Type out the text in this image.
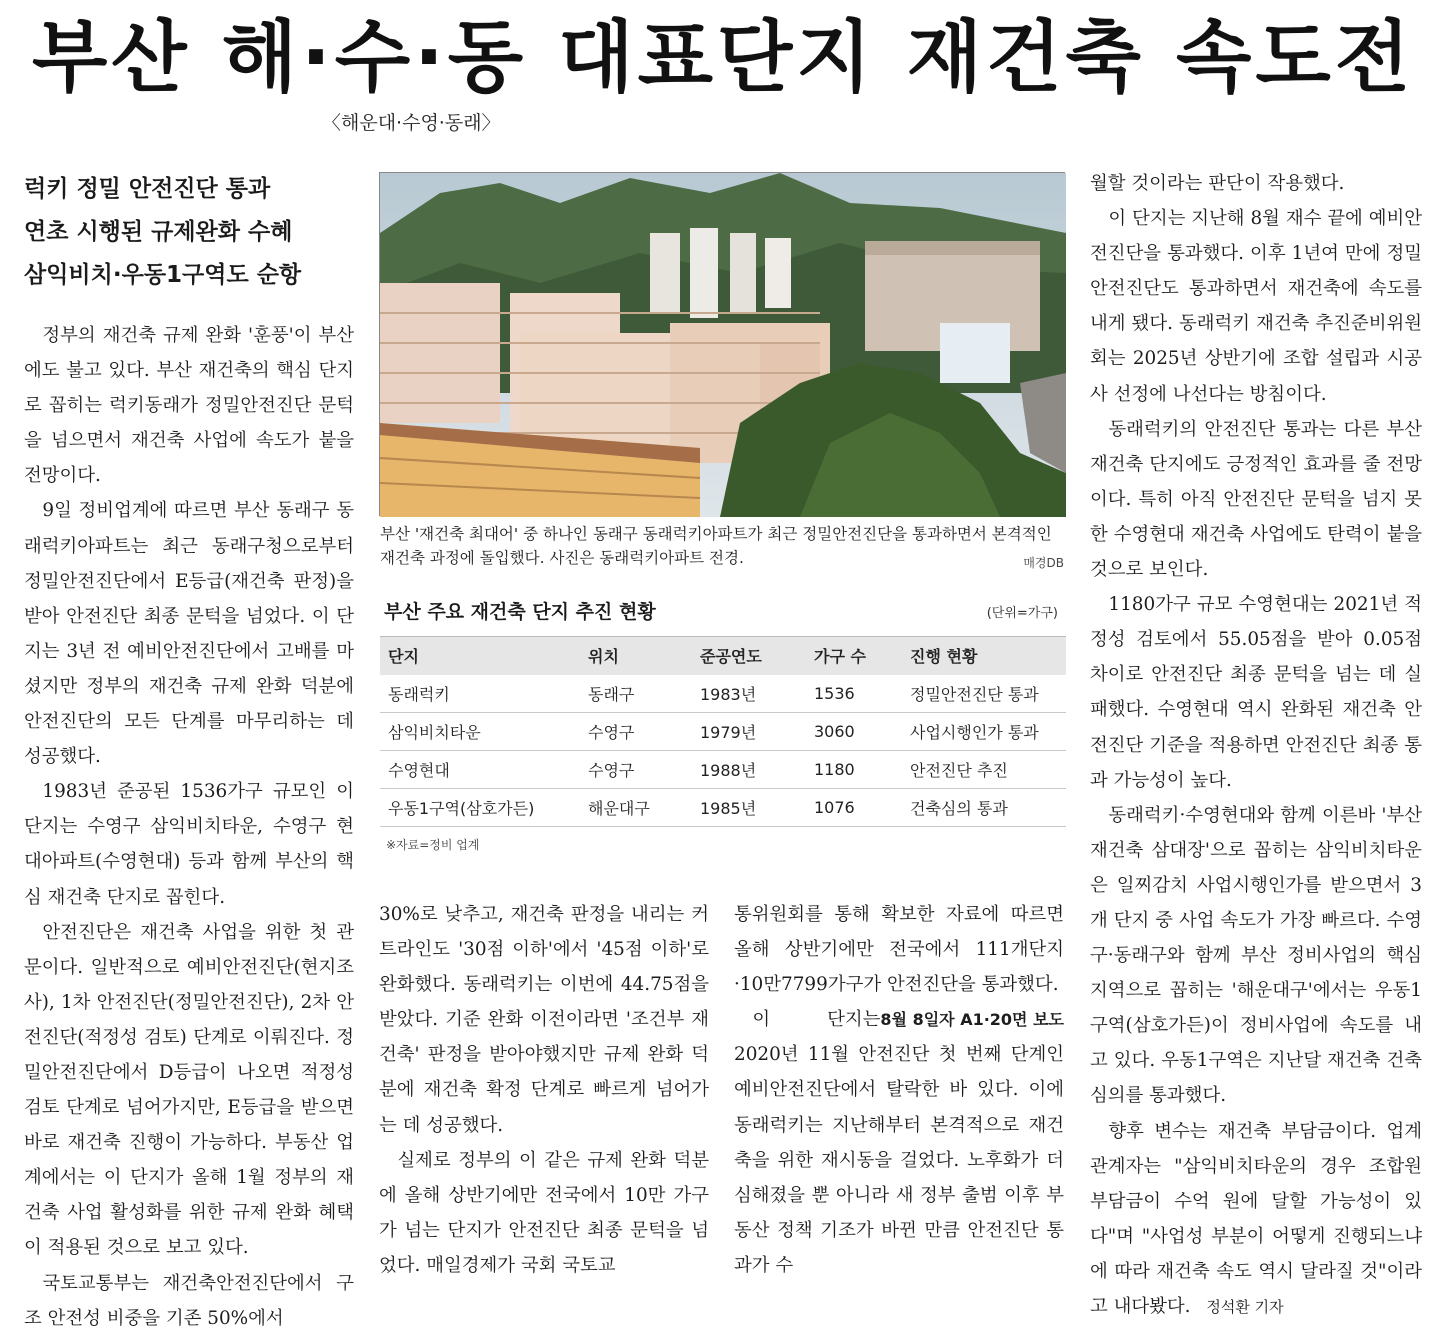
부산 해·수·동 대표단지 재건축 속도전
〈해운대·수영·동래〉
럭키 정밀 안전진단 통과
연초 시행된 규제완화 수혜
삼익비치·우동1구역도 순항

정부의 재건축 규제 완화 '훈풍'이 부산에도 불고 있다. 부산 재건축의 핵심 단지로 꼽히는 럭키동래가 정밀안전진단 문턱을 넘으면서 재건축 사업에 속도가 붙을 전망이다.

9일 정비업계에 따르면 부산 동래구 동래럭키아파트는 최근 동래구청으로부터 정밀안전진단에서 E등급(재건축 판정)을 받아 안전진단 최종 문턱을 넘었다. 이 단지는 3년 전 예비안전진단에서 고배를 마셨지만 정부의 재건축 규제 완화 덕분에 안전진단의 모든 단계를 마무리하는 데 성공했다.

1983년 준공된 1536가구 규모인 이 단지는 수영구 삼익비치타운, 수영구 현대아파트(수영현대) 등과 함께 부산의 핵심 재건축 단지로 꼽힌다.

안전진단은 재건축 사업을 위한 첫 관문이다. 일반적으로 예비안전진단(현지조사), 1차 안전진단(정밀안전진단), 2차 안전진단(적정성 검토) 단계로 이뤄진다. 정밀안전진단에서 D등급이 나오면 적정성 검토 단계로 넘어가지만, E등급을 받으면 바로 재건축 진행이 가능하다. 부동산 업계에서는 이 단지가 올해 1월 정부의 재건축 사업 활성화를 위한 규제 완화 혜택이 적용된 것으로 보고 있다.

국토교통부는 재건축안전진단에서 구조 안전성 비중을 기존 50%에서

부산 '재건축 최대어' 중 하나인 동래구 동래럭키아파트가 최근 정밀안전진단을 통과하면서 본격적인 재건축 과정에 돌입했다. 사진은 동래럭키아파트 전경.	매경DB
부산 주요 재건축 단지 추진 현황	(단위=가구)
단지	위치	준공연도	가구 수	진행 현황
동래럭키	동래구	1983년	1536	정밀안전진단 통과
삼익비치타운	수영구	1979년	3060	사업시행인가 통과
수영현대	수영구	1988년	1180	안전진단 추진
우동1구역(삼호가든)	해운대구	1985년	1076	건축심의 통과
※자료=정비 업계

30%로 낮추고, 재건축 판정을 내리는 커트라인도 '30점 이하'에서 '45점 이하'로 완화했다. 동래럭키는 이번에 44.75점을 받았다. 기준 완화 이전이라면 '조건부 재건축' 판정을 받아야했지만 규제 완화 덕분에 재건축 확정 단계로 빠르게 넘어가는 데 성공했다.

실제로 정부의 이 같은 규제 완화 덕분에 올해 상반기에만 전국에서 10만 가구가 넘는 단지가 안전진단 최종 문턱을 넘었다. 매일경제가 국회 국토교

통위원회를 통해 확보한 자료에 따르면 올해 상반기에만 전국에서 111개단지·10만7799가구가 안전진단을 통과했다.
8월 8일자 A1·20면 보도

이 단지는 2020년 11월 안전진단 첫 번째 단계인 예비안전진단에서 탈락한 바 있다. 이에 동래럭키는 지난해부터 본격적으로 재건축을 위한 재시동을 걸었다. 노후화가 더 심해졌을 뿐 아니라 새 정부 출범 이후 부동산 정책 기조가 바뀐 만큼 안전진단 통과가 수

월할 것이라는 판단이 작용했다.

이 단지는 지난해 8월 재수 끝에 예비안전진단을 통과했다. 이후 1년여 만에 정밀안전진단도 통과하면서 재건축에 속도를 내게 됐다. 동래럭키 재건축 추진준비위원회는 2025년 상반기에 조합 설립과 시공사 선정에 나선다는 방침이다.

동래럭키의 안전진단 통과는 다른 부산 재건축 단지에도 긍정적인 효과를 줄 전망이다. 특히 아직 안전진단 문턱을 넘지 못한 수영현대 재건축 사업에도 탄력이 붙을 것으로 보인다.

1180가구 규모 수영현대는 2021년 적정성 검토에서 55.05점을 받아 0.05점 차이로 안전진단 최종 문턱을 넘는 데 실패했다. 수영현대 역시 완화된 재건축 안전진단 기준을 적용하면 안전진단 최종 통과 가능성이 높다.

동래럭키·수영현대와 함께 이른바 '부산 재건축 삼대장'으로 꼽히는 삼익비치타운은 일찌감치 사업시행인가를 받으면서 3개 단지 중 사업 속도가 가장 빠르다. 수영구·동래구와 함께 부산 정비사업의 핵심 지역으로 꼽히는 '해운대구'에서는 우동1구역(삼호가든)이 정비사업에 속도를 내고 있다. 우동1구역은 지난달 재건축 건축심의를 통과했다.

향후 변수는 재건축 부담금이다. 업계 관계자는 "삼익비치타운의 경우 조합원 부담금이 수억 원에 달할 가능성이 있다"며 "사업성 부분이 어떻게 진행되느냐에 따라 재건축 속도 역시 달라질 것"이라고 내다봤다. 정석환 기자
